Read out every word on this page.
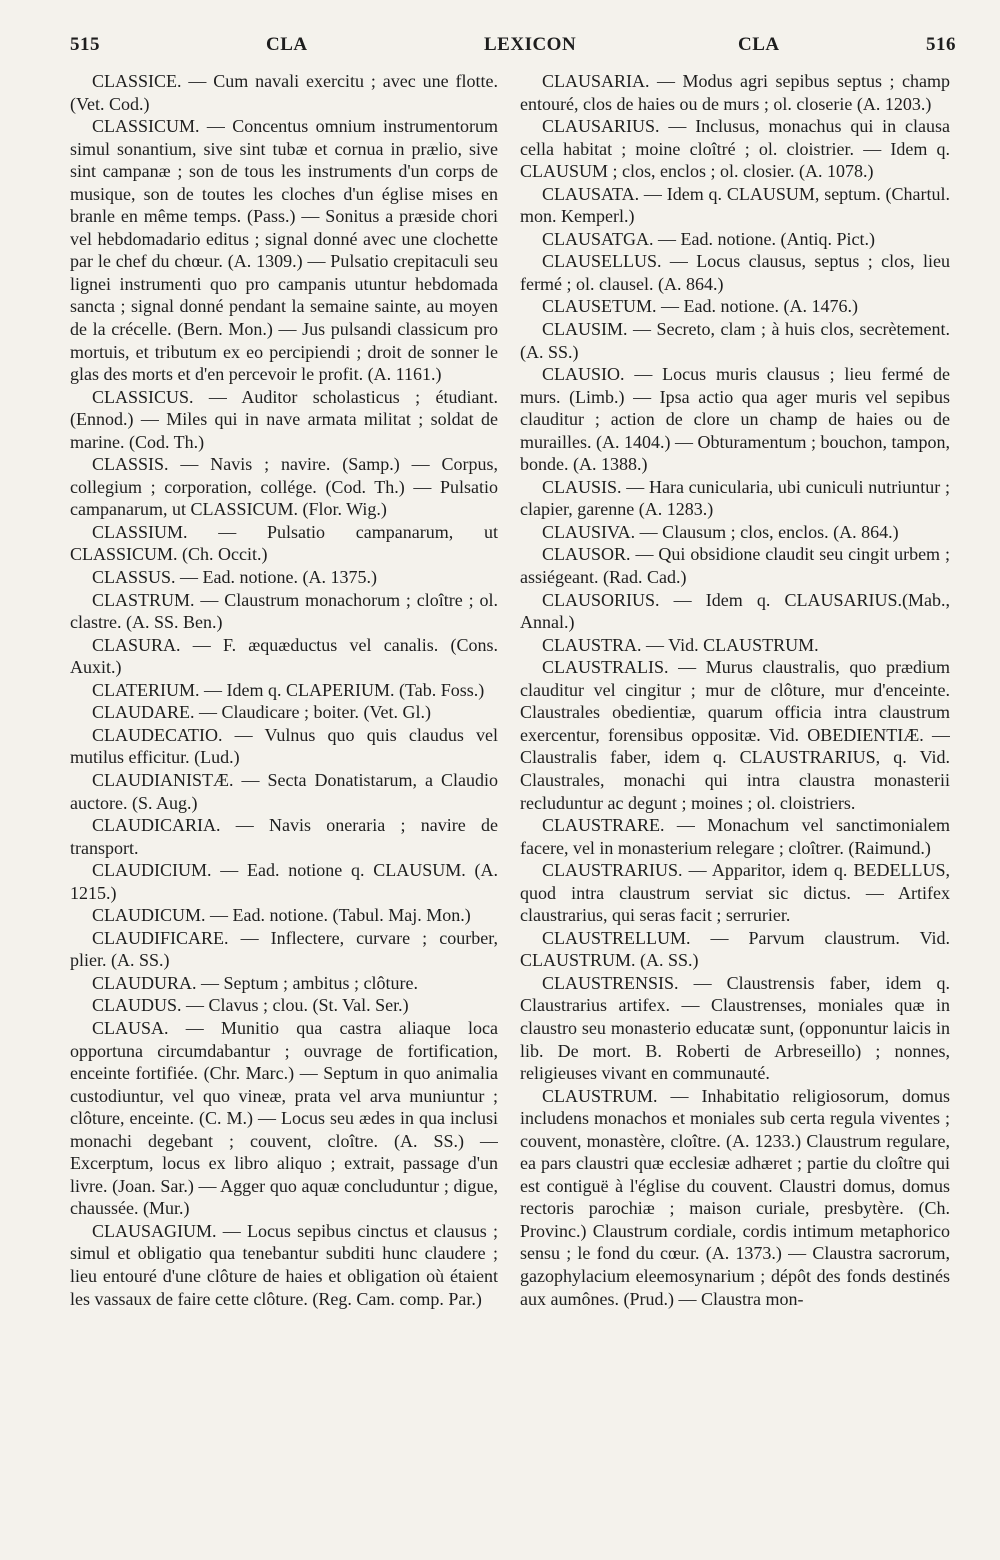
515	CLA	LEXICON	CLA	516

CLASSICE. — Cum navali exercitu ; avec une flotte. (Vet. Cod.)

CLASSICUM. — Concentus omnium instrumentorum simul sonantium, sive sint tubæ et cornua in prælio, sive sint campanæ ; son de tous les instruments d'un corps de musique, son de toutes les cloches d'un église mises en branle en même temps. (Pass.) — Sonitus a præside chori vel hebdomadario editus ; signal donné avec une clochette par le chef du chœur. (A. 1309.) — Pulsatio crepitaculi seu lignei instrumenti quo pro campanis utuntur hebdomada sancta ; signal donné pendant la semaine sainte, au moyen de la crécelle. (Bern. Mon.) — Jus pulsandi classicum pro mortuis, et tributum ex eo percipiendi ; droit de sonner le glas des morts et d'en percevoir le profit. (A. 1161.)

CLASSICUS. — Auditor scholasticus ; étudiant. (Ennod.) — Miles qui in nave armata militat ; soldat de marine. (Cod. Th.)

CLASSIS. — Navis ; navire. (Samp.) — Corpus, collegium ; corporation, collége. (Cod. Th.) — Pulsatio campanarum, ut CLASSICUM. (Flor. Wig.)

CLASSIUM. — Pulsatio campanarum, ut CLASSICUM. (Ch. Occit.)

CLASSUS. — Ead. notione. (A. 1375.)

CLASTRUM. — Claustrum monachorum ; cloître ; ol. clastre. (A. SS. Ben.)

CLASURA. — F. æquæductus vel canalis. (Cons. Auxit.)

CLATERIUM. — Idem q. CLAPERIUM. (Tab. Foss.)

CLAUDARE. — Claudicare ; boiter. (Vet. Gl.)

CLAUDECATIO. — Vulnus quo quis claudus vel mutilus efficitur. (Lud.)

CLAUDIANISTÆ. — Secta Donatistarum, a Claudio auctore. (S. Aug.)

CLAUDICARIA. — Navis oneraria ; navire de transport.

CLAUDICIUM. — Ead. notione q. CLAUSUM. (A. 1215.)

CLAUDICUM. — Ead. notione. (Tabul. Maj. Mon.)

CLAUDIFICARE. — Inflectere, curvare ; courber, plier. (A. SS.)

CLAUDURA. — Septum ; ambitus ; clôture.

CLAUDUS. — Clavus ; clou. (St. Val. Ser.)

CLAUSA. — Munitio qua castra aliaque loca opportuna circumdabantur ; ouvrage de fortification, enceinte fortifiée. (Chr. Marc.) — Septum in quo animalia custodiuntur, vel quo vineæ, prata vel arva muniuntur ; clôture, enceinte. (C. M.) — Locus seu ædes in qua inclusi monachi degebant ; couvent, cloître. (A. SS.) — Excerptum, locus ex libro aliquo ; extrait, passage d'un livre. (Joan. Sar.) — Agger quo aquæ concluduntur ; digue, chaussée. (Mur.)

CLAUSAGIUM. — Locus sepibus cinctus et clausus ; simul et obligatio qua tenebantur subditi hunc claudere ; lieu entouré d'une clôture de haies et obligation où étaient les vassaux de faire cette clôture. (Reg. Cam. comp. Par.)

CLAUSARIA. — Modus agri sepibus septus ; champ entouré, clos de haies ou de murs ; ol. closerie (A. 1203.)

CLAUSARIUS. — Inclusus, monachus qui in clausa cella habitat ; moine cloîtré ; ol. cloistrier. — Idem q. CLAUSUM ; clos, enclos ; ol. closier. (A. 1078.)

CLAUSATA. — Idem q. CLAUSUM, septum. (Chartul. mon. Kemperl.)

CLAUSATGA. — Ead. notione. (Antiq. Pict.)

CLAUSELLUS. — Locus clausus, septus ; clos, lieu fermé ; ol. clausel. (A. 864.)

CLAUSETUM. — Ead. notione. (A. 1476.)

CLAUSIM. — Secreto, clam ; à huis clos, secrètement. (A. SS.)

CLAUSIO. — Locus muris clausus ; lieu fermé de murs. (Limb.) — Ipsa actio qua ager muris vel sepibus clauditur ; action de clore un champ de haies ou de murailles. (A. 1404.) — Obturamentum ; bouchon, tampon, bonde. (A. 1388.)

CLAUSIS. — Hara cunicularia, ubi cuniculi nutriuntur ; clapier, garenne (A. 1283.)

CLAUSIVA. — Clausum ; clos, enclos. (A. 864.)

CLAUSOR. — Qui obsidione claudit seu cingit urbem ; assiégeant. (Rad. Cad.)

CLAUSORIUS. — Idem q. CLAUSARIUS.(Mab., Annal.)

CLAUSTRA. — Vid. CLAUSTRUM.

CLAUSTRALIS. — Murus claustralis, quo prædium clauditur vel cingitur ; mur de clôture, mur d'enceinte. Claustrales obedientiæ, quarum officia intra claustrum exercentur, forensibus oppositæ. Vid. OBEDIENTIÆ. — Claustralis faber, idem q. CLAUSTRARIUS, q. Vid. Claustrales, monachi qui intra claustra monasterii recluduntur ac degunt ; moines ; ol. cloistriers.

CLAUSTRARE. — Monachum vel sanctimonialem facere, vel in monasterium relegare ; cloîtrer. (Raimund.)

CLAUSTRARIUS. — Apparitor, idem q. BEDELLUS, quod intra claustrum serviat sic dictus. — Artifex claustrarius, qui seras facit ; serrurier.

CLAUSTRELLUM. — Parvum claustrum. Vid. CLAUSTRUM. (A. SS.)

CLAUSTRENSIS. — Claustrensis faber, idem q. Claustrarius artifex. — Claustrenses, moniales quæ in claustro seu monasterio educatæ sunt, (opponuntur laicis in lib. De mort. B. Roberti de Arbreseillo) ; nonnes, religieuses vivant en communauté.

CLAUSTRUM. — Inhabitatio religiosorum, domus includens monachos et moniales sub certa regula viventes ; couvent, monastère, cloître. (A. 1233.) Claustrum regulare, ea pars claustri quæ ecclesiæ adhæret ; partie du cloître qui est contiguë à l'église du couvent. Claustri domus, domus rectoris parochiæ ; maison curiale, presbytère. (Ch. Provinc.) Claustrum cordiale, cordis intimum metaphorico sensu ; le fond du cœur. (A. 1373.) — Claustra sacrorum, gazophylacium eleemosynarium ; dépôt des fonds destinés aux aumônes. (Prud.) — Claustra mon-
